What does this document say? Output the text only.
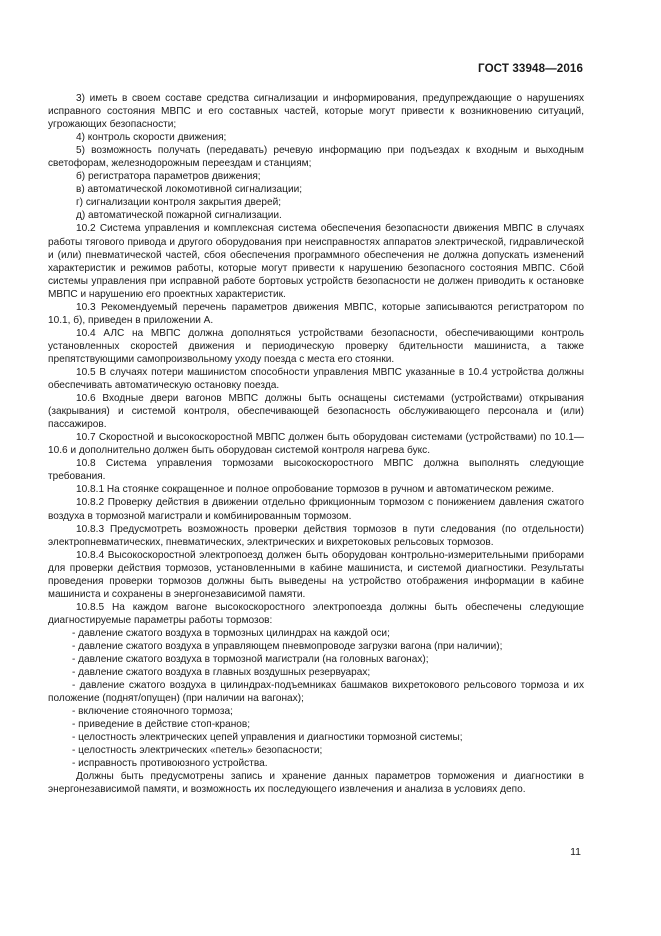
ГОСТ 33948—2016

3) иметь в своем составе средства сигнализации и информирования, предупреждающие о нарушениях исправного состояния МВПС и его составных частей, которые могут привести к возникновению ситуаций, угрожающих безопасности;

4) контроль скорости движения;

5) возможность получать (передавать) речевую информацию при подъездах к входным и выходным светофорам, железнодорожным переездам и станциям;

б) регистратора параметров движения;

в) автоматической локомотивной сигнализации;

г) сигнализации контроля закрытия дверей;

д) автоматической пожарной сигнализации.

10.2 Система управления и комплексная система обеспечения безопасности движения МВПС в случаях работы тягового привода и другого оборудования при неисправностях аппаратов электрической, гидравлической и (или) пневматической частей, сбоя обеспечения программного обеспечения не должна допускать изменений характеристик и режимов работы, которые могут привести к нарушению безопасного состояния МВПС. Сбой системы управления при исправной работе бортовых устройств безопасности не должен приводить к остановке МВПС и нарушению его проектных характеристик.

10.3 Рекомендуемый перечень параметров движения МВПС, которые записываются регистратором по 10.1, б), приведен в приложении А.

10.4 АЛС на МВПС должна дополняться устройствами безопасности, обеспечивающими контроль установленных скоростей движения и периодическую проверку бдительности машиниста, а также препятствующими самопроизвольному уходу поезда с места его стоянки.

10.5 В случаях потери машинистом способности управления МВПС указанные в 10.4 устройства должны обеспечивать автоматическую остановку поезда.

10.6 Входные двери вагонов МВПС должны быть оснащены системами (устройствами) открывания (закрывания) и системой контроля, обеспечивающей безопасность обслуживающего персонала и (или) пассажиров.

10.7 Скоростной и высокоскоростной МВПС должен быть оборудован системами (устройствами) по 10.1—10.6 и дополнительно должен быть оборудован системой контроля нагрева букс.

10.8 Система управления тормозами высокоскоростного МВПС должна выполнять следующие требования.

10.8.1 На стоянке сокращенное и полное опробование тормозов в ручном и автоматическом режиме.

10.8.2 Проверку действия в движении отдельно фрикционным тормозом с понижением давления сжатого воздуха в тормозной магистрали и комбинированным тормозом.

10.8.3 Предусмотреть возможность проверки действия тормозов в пути следования (по отдельности) электропневматических, пневматических, электрических и вихретоковых рельсовых тормозов.

10.8.4 Высокоскоростной электропоезд должен быть оборудован контрольно-измерительными приборами для проверки действия тормозов, установленными в кабине машиниста, и системой диагностики. Результаты проведения проверки тормозов должны быть выведены на устройство отображения информации в кабине машиниста и сохранены в энергонезависимой памяти.

10.8.5 На каждом вагоне высокоскоростного электропоезда должны быть обеспечены следующие диагностируемые параметры работы тормозов:

- давление сжатого воздуха в тормозных цилиндрах на каждой оси;

- давление сжатого воздуха в управляющем пневмопроводе загрузки вагона (при наличии);

- давление сжатого воздуха в тормозной магистрали (на головных вагонах);

- давление сжатого воздуха в главных воздушных резервуарах;

- давление сжатого воздуха в цилиндрах-подъемниках башмаков вихретокового рельсового тормоза и их положение (поднят/опущен) (при наличии на вагонах);

- включение стояночного тормоза;

- приведение в действие стоп-кранов;

- целостность электрических цепей управления и диагностики тормозной системы;

- целостность электрических «петель» безопасности;

- исправность противоюзного устройства.

Должны быть предусмотрены запись и хранение данных параметров торможения и диагностики в энергонезависимой памяти, и возможность их последующего извлечения и анализа в условиях депо.

11
